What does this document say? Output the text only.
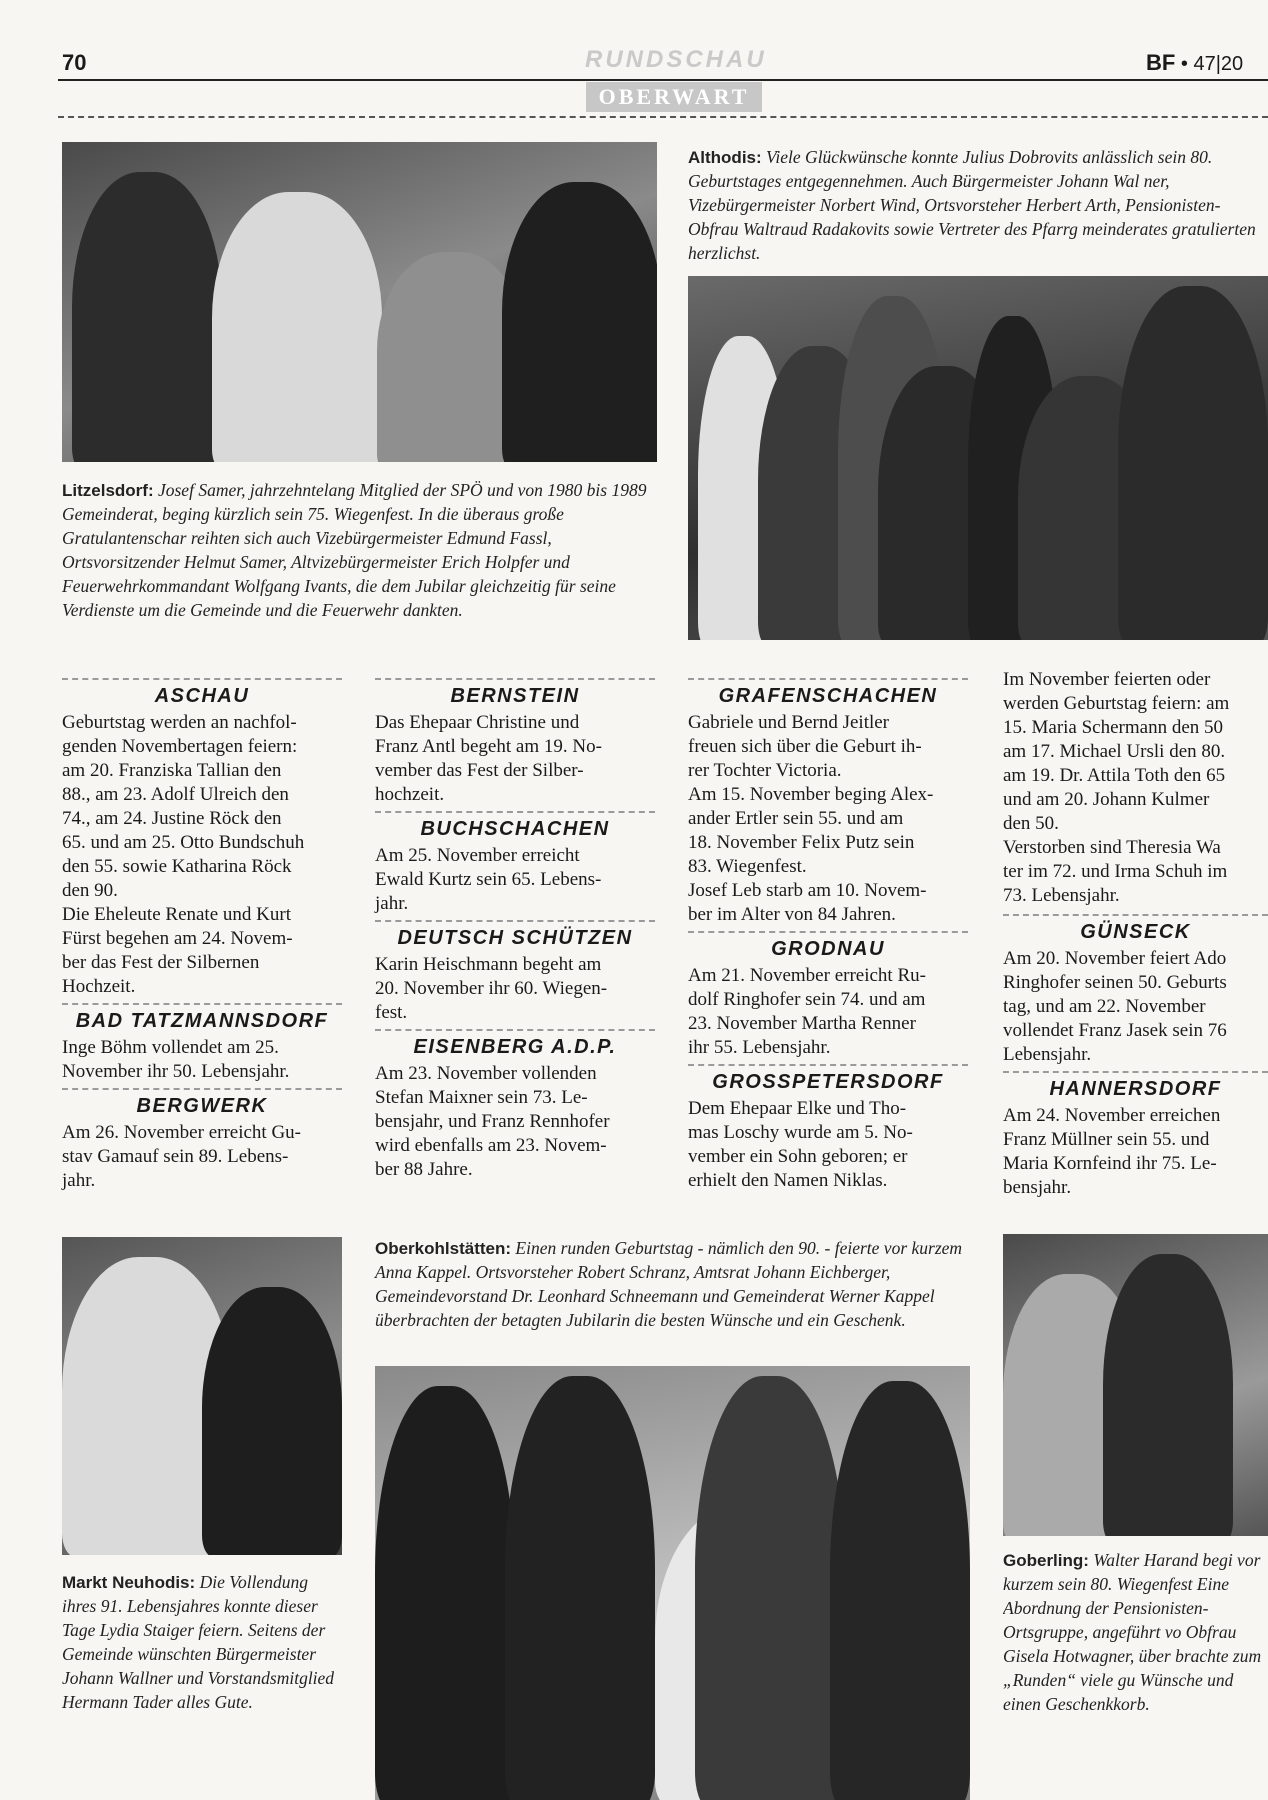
70	RUNDSCHAU
OBERWART
BF • 47|20
Althodis: Viele Glückwünsche konnte Julius Dobrovits anlässlich sein 80. Geburtstages entgegennehmen. Auch Bürgermeister Johann Wal ner, Vizebürgermeister Norbert Wind, Ortsvorsteher Herbert Arth, Pensionisten-Obfrau Waltraud Radakovits sowie Vertreter des Pfarrg meinderates gratulierten herzlichst.
Litzelsdorf: Josef Samer, jahrzehntelang Mitglied der SPÖ und von 1980 bis 1989 Gemeinderat, beging kürzlich sein 75. Wiegenfest. In die überaus große Gratulantenschar reihten sich auch Vizebürgermeister Edmund Fassl, Ortsvorsitzender Helmut Samer, Altvizebürgermeister Erich Holpfer und Feuerwehrkommandant Wolfgang Ivants, die dem Jubilar gleichzeitig für seine Verdienste um die Gemeinde und die Feuerwehr dankten.
Oberkohlstätten: Einen runden Geburtstag - nämlich den 90. - feierte vor kurzem Anna Kappel. Ortsvorsteher Robert Schranz, Amtsrat Johann Eichberger, Gemeindevorstand Dr. Leonhard Schneemann und Gemeinderat Werner Kappel überbrachten der betagten Jubilarin die besten Wünsche und ein Geschenk.
Markt Neuhodis: Die Vollendung ihres 91. Lebensjahres konnte dieser Tage Lydia Staiger feiern. Seitens der Gemeinde wünschten Bürgermeister Johann Wallner und Vorstandsmitglied Hermann Tader alles Gute.
Goberling: Walter Harand begi vor kurzem sein 80. Wiegenfest Eine Abordnung der Pensionisten-Ortsgruppe, angeführt vo Obfrau Gisela Hotwagner, über brachte zum „Runden“ viele gu Wünsche und einen Geschenkkorb.
ASCHAU

Geburtstag werden an nachfol-
genden Novembertagen feiern:
am 20. Franziska Tallian den
88., am 23. Adolf Ulreich den
74., am 24. Justine Röck den
65. und am 25. Otto Bundschuh
den 55. sowie Katharina Röck
den 90.
Die Eheleute Renate und Kurt
Fürst begehen am 24. Novem-
ber das Fest der Silbernen
Hochzeit.

BAD TATZMANNSDORF

Inge Böhm vollendet am 25.
November ihr 50. Lebensjahr.

BERGWERK

Am 26. November erreicht Gu-
stav Gamauf sein 89. Lebens-
jahr.

BERNSTEIN

Das Ehepaar Christine und
Franz Antl begeht am 19. No-
vember das Fest der Silber-
hochzeit.

BUCHSCHACHEN

Am 25. November erreicht
Ewald Kurtz sein 65. Lebens-
jahr.

DEUTSCH SCHÜTZEN

Karin Heischmann begeht am
20. November ihr 60. Wiegen-
fest.

EISENBERG A.D.P.

Am 23. November vollenden
Stefan Maixner sein 73. Le-
bensjahr, und Franz Rennhofer
wird ebenfalls am 23. Novem-
ber 88 Jahre.

GRAFENSCHACHEN

Gabriele und Bernd Jeitler
freuen sich über die Geburt ih-
rer Tochter Victoria.
Am 15. November beging Alex-
ander Ertler sein 55. und am
18. November Felix Putz sein
83. Wiegenfest.
Josef Leb starb am 10. Novem-
ber im Alter von 84 Jahren.

GRODNAU

Am 21. November erreicht Ru-
dolf Ringhofer sein 74. und am
23. November Martha Renner
ihr 55. Lebensjahr.

GROSSPETERSDORF

Dem Ehepaar Elke und Tho-
mas Loschy wurde am 5. No-
vember ein Sohn geboren; er
erhielt den Namen Niklas.

Im November feierten oder
werden Geburtstag feiern: am
15. Maria Schermann den 50
am 17. Michael Ursli den 80.
am 19. Dr. Attila Toth den 65
und am 20. Johann Kulmer
den 50.
Verstorben sind Theresia Wa
ter im 72. und Irma Schuh im
73. Lebensjahr.

GÜNSECK

Am 20. November feiert Ado
Ringhofer seinen 50. Geburts
tag, und am 22. November
vollendet Franz Jasek sein 76
Lebensjahr.

HANNERSDORF

Am 24. November erreichen
Franz Müllner sein 55. und
Maria Kornfeind ihr 75. Le-
bensjahr.
